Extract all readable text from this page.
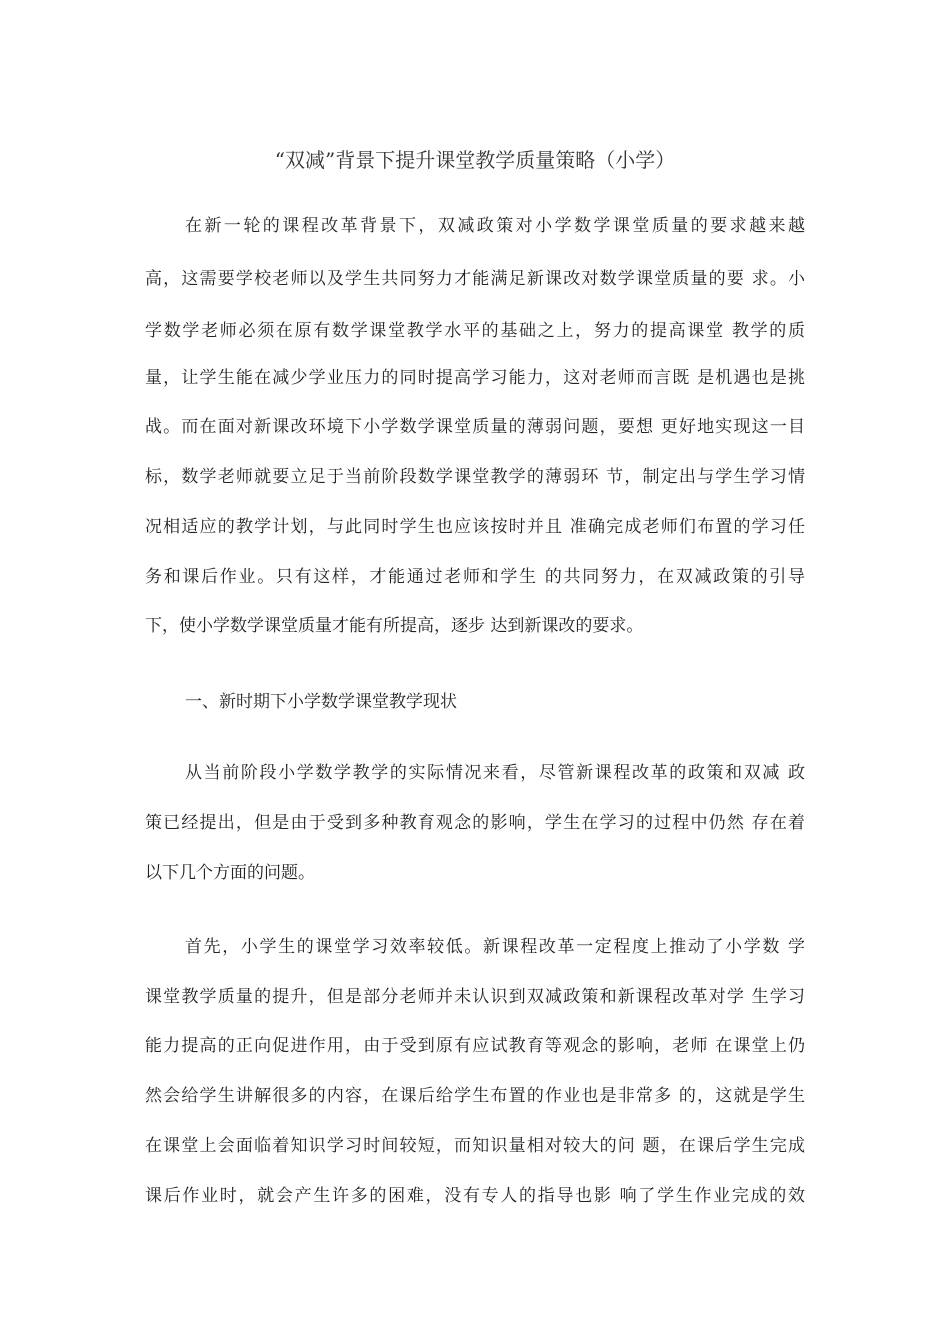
“双减”背景下提升课堂教学质量策略（小学）
在新一轮的课程改革背景下，双减政策对小学数学课堂质量的要求越来越
高，这需要学校老师以及学生共同努力才能满足新课改对数学课堂质量的要 求。小
学数学老师必须在原有数学课堂教学水平的基础之上，努力的提高课堂 教学的质
量，让学生能在减少学业压力的同时提高学习能力，这对老师而言既 是机遇也是挑
战。而在面对新课改环境下小学数学课堂质量的薄弱问题，要想 更好地实现这一目
标，数学老师就要立足于当前阶段数学课堂教学的薄弱环 节，制定出与学生学习情
况相适应的教学计划，与此同时学生也应该按时并且 准确完成老师们布置的学习任
务和课后作业。只有这样，才能通过老师和学生 的共同努力，在双减政策的引导
下，使小学数学课堂质量才能有所提高，逐步 达到新课改的要求。
一、新时期下小学数学课堂教学现状
从当前阶段小学数学教学的实际情况来看，尽管新课程改革的政策和双减 政
策已经提出，但是由于受到多种教育观念的影响，学生在学习的过程中仍然 存在着
以下几个方面的问题。
首先，小学生的课堂学习效率较低。新课程改革一定程度上推动了小学数 学
课堂教学质量的提升，但是部分老师并未认识到双减政策和新课程改革对学 生学习
能力提高的正向促进作用，由于受到原有应试教育等观念的影响，老师 在课堂上仍
然会给学生讲解很多的内容，在课后给学生布置的作业也是非常多 的，这就是学生
在课堂上会面临着知识学习时间较短，而知识量相对较大的问 题，在课后学生完成
课后作业时，就会产生许多的困难，没有专人的指导也影 响了学生作业完成的效
